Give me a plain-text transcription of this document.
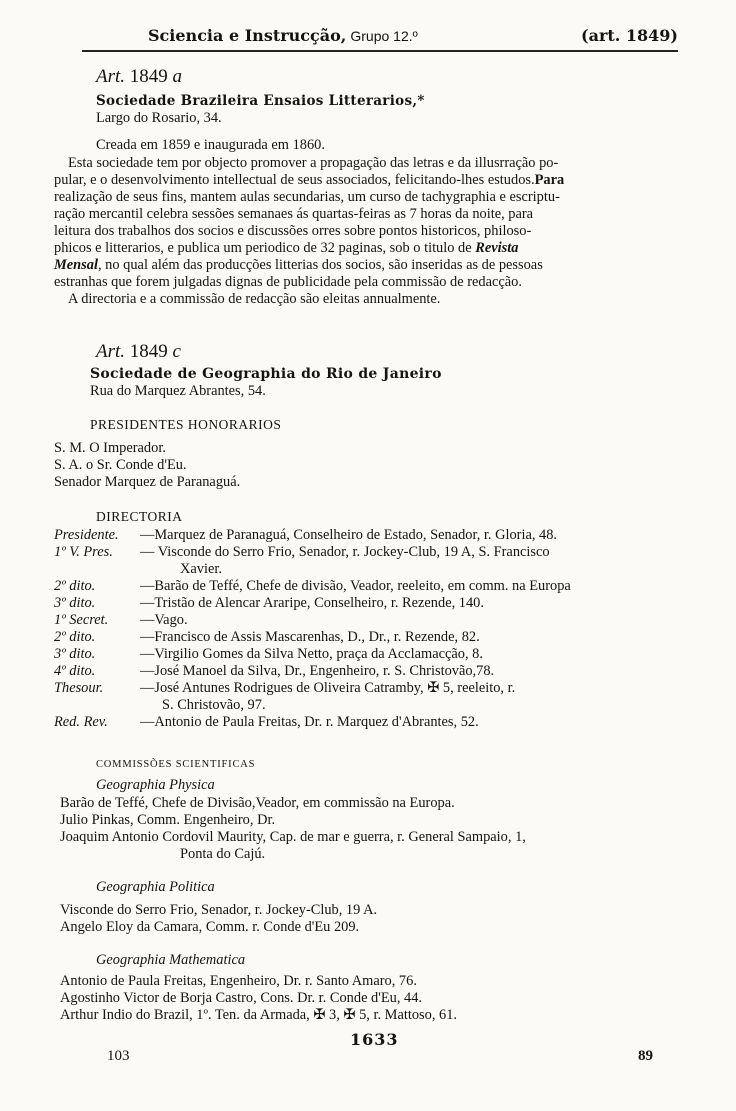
Sciencia e Instrucção, Grupo 12.º	(art. 1849)
Art. 1849 a
Sociedade Brazileira Ensaios Litterarios,*
Largo do Rosario, 34.
Creada em 1859 e inaugurada em 1860.
Esta sociedade tem por objecto promover a propagação das letras e da illusrração po-
pular, e o desenvolvimento intellectual de seus associados, felicitando-lhes estudos.Para
realização de seus fins, mantem aulas secundarias, um curso de tachygraphia e escriptu-
ração mercantil celebra sessões semanaes ás quartas-feiras as 7 horas da noite, para
leitura dos trabalhos dos socios e discussões orres sobre pontos historicos, philoso-
phicos e litterarios, e publica um periodico de 32 paginas, sob o titulo de Revista
Mensal, no qual além das producções litterias dos socios, são inseridas as de pessoas
estranhas que forem julgadas dignas de publicidade pela commissão de redacção.
A directoria e a commissão de redacção são eleitas annualmente.
Art. 1849 c
Sociedade de Geographia do Rio de Janeiro
Rua do Marquez Abrantes, 54.
PRESIDENTES HONORARIOS
S. M. O Imperador.
S. A. o Sr. Conde d'Eu.
Senador Marquez de Paranaguá.
DIRECTORIA
Presidente.	—Marquez de Paranaguá, Conselheiro de Estado, Senador, r. Gloria, 48.
1º V. Pres.	— Visconde do Serro Frio, Senador, r. Jockey-Club, 19 A, S. Francisco
Xavier.
2º dito.	—Barão de Teffé, Chefe de divisão, Veador, reeleito, em comm. na Europa
3º dito.	—Tristão de Alencar Araripe, Conselheiro, r. Rezende, 140.
1º Secret.	—Vago.
2º dito.	—Francisco de Assis Mascarenhas, D., Dr., r. Rezende, 82.
3º dito.	—Virgilio Gomes da Silva Netto, praça da Acclamacção, 8.
4º dito.	—José Manoel da Silva, Dr., Engenheiro, r. S. Christovão,78.
Thesour.	—José Antunes Rodrigues de Oliveira Catramby, ✠ 5, reeleito, r.
S. Christovão, 97.
Red. Rev.	—Antonio de Paula Freitas, Dr. r. Marquez d'Abrantes, 52.
COMMISSÕES SCIENTIFICAS
Geographia Physica
Barão de Teffé, Chefe de Divisão,Veador, em commissão na Europa.
Julio Pinkas, Comm. Engenheiro, Dr.
Joaquim Antonio Cordovil Maurity, Cap. de mar e guerra, r. General Sampaio, 1,
Ponta do Cajú.
Geographia Politica
Visconde do Serro Frio, Senador, r. Jockey-Club, 19 A.
Angelo Eloy da Camara, Comm. r. Conde d'Eu 209.
Geographia Mathematica
Antonio de Paula Freitas, Engenheiro, Dr. r. Santo Amaro, 76.
Agostinho Victor de Borja Castro, Cons. Dr. r. Conde d'Eu, 44.
Arthur Indio do Brazil, 1º. Ten. da Armada, ✠ 3, ✠ 5, r. Mattoso, 61.
1633
103	89
